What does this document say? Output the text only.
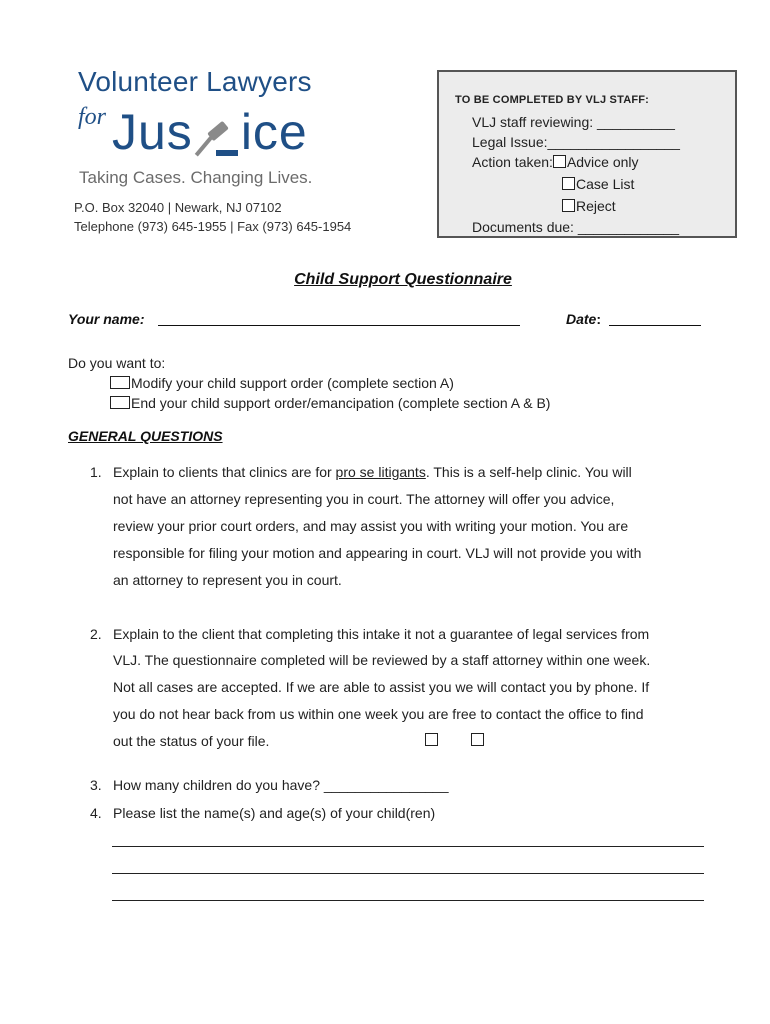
Volunteer Lawyers
for Jus ice
Taking Cases. Changing Lives.
P.O. Box 32040 | Newark, NJ 07102
Telephone (973) 645-1955 | Fax (973) 645-1954
TO BE COMPLETED BY VLJ STAFF:
VLJ staff reviewing: __________
Legal Issue:_________________
Action taken: Advice only
Case List
Reject
Documents due: _____________
Child Support Questionnaire
Your name:	Date:
Do you want to:
Modify your child support order (complete section A)
End your child support order/emancipation (complete section A & B)
GENERAL QUESTIONS
1. Explain to clients that clinics are for pro se litigants. This is a self-help clinic. You will
not have an attorney representing you in court. The attorney will offer you advice,
review your prior court orders, and may assist you with writing your motion. You are
responsible for filing your motion and appearing in court. VLJ will not provide you with
an attorney to represent you in court.
2. Explain to the client that completing this intake it not a guarantee of legal services from
VLJ. The questionnaire completed will be reviewed by a staff attorney within one week.
Not all cases are accepted. If we are able to assist you we will contact you by phone. If
you do not hear back from us within one week you are free to contact the office to find
out the status of your file.
3. How many children do you have? ________________
4. Please list the name(s) and age(s) of your child(ren)
